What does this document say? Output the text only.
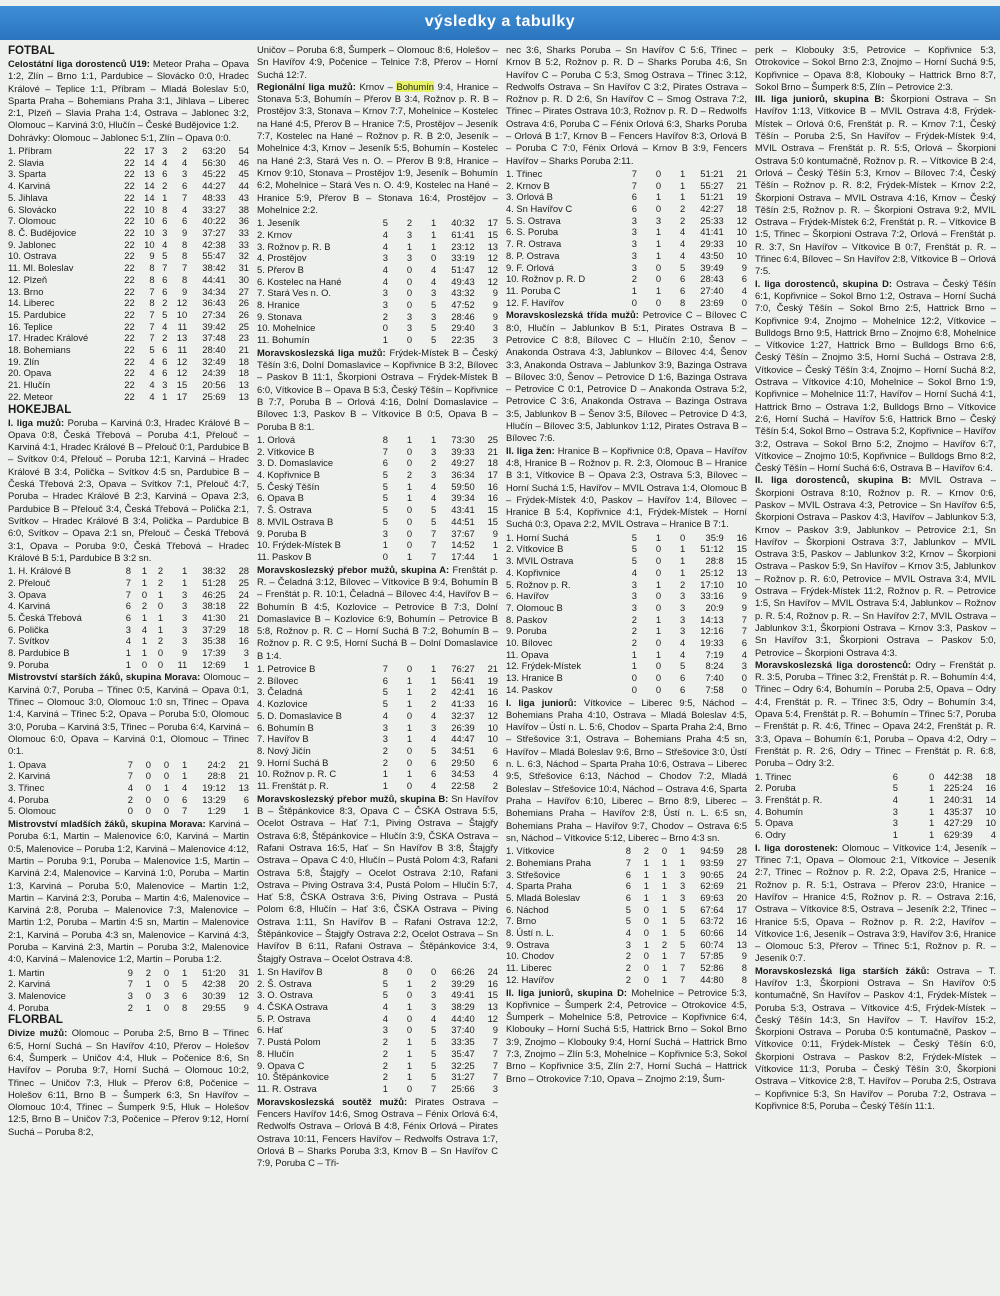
výsledky a tabulky
FOTBAL

Celostátní liga dorostenců U19: Meteor Praha – Opava 1:2, Zlín – Brno 1:1, Pardubice – Slovácko 0:0, Hradec Králové – Teplice 1:1, Příbram – Mladá Boleslav 5:0, Sparta Praha – Bohemians Praha 3:1, Jihlava – Liberec 2:1, Plzeň – Slavia Praha 1:4, Ostrava – Jablonec 3:2, Olomouc – Karviná 3:0, Hlučín – České Budějovice 1:2.

Dohrávky: Olomouc – Jablonec 5:1, Zlín – Opava 0:0.

1. Příbram	22	17	3	2	63:20	54
2. Slavia	22	14	4	4	56:30	46
3. Sparta	22	13	6	3	45:22	45
4. Karviná	22	14	2	6	44:27	44
5. Jihlava	22	14	1	7	48:33	43
6. Slovácko	22	10	8	4	33:27	38
7. Olomouc	22	10	6	6	40:22	36
8. Č. Budějovice	22	10	3	9	37:27	33
9. Jablonec	22	10	4	8	42:38	33
10. Ostrava	22	9	5	8	55:47	32
11. Ml. Boleslav	22	8	7	7	38:42	31
12. Plzeň	22	8	6	8	44:41	30
13. Brno	22	7	6	9	34:34	27
14. Liberec	22	8	2	12	36:43	26
15. Pardubice	22	7	5	10	27:34	26
16. Teplice	22	7	4	11	39:42	25
17. Hradec Králové	22	7	2	13	37:48	23
18. Bohemians	22	5	6	11	28:40	21
19. Zlín	22	4	6	12	32:49	18
20. Opava	22	4	6	12	24:39	18
21. Hlučín	22	4	3	15	20:56	13
22. Meteor	22	4	1	17	25:69	13
HOKEJBAL

I. liga mužů: Poruba – Karviná 0:3, Hradec Králové B – Opava 0:8, Česká Třebová – Poruba 4:1, Přelouč – Karviná 4:1, Hradec Králové B – Přelouč 0:1, Pardubice B – Svítkov 0:4, Přelouč – Poruba 12:1, Karviná – Hradec Králové B 3:4, Polička – Svítkov 4:5 sn, Pardubice B – Česká Třebová 2:3, Opava – Svítkov 7:1, Přelouč 4:7, Poruba – Hradec Králové B 2:3, Karviná – Opava 2:3, Pardubice B – Přelouč 3:4, Česká Třebová – Polička 2:1, Svítkov – Hradec Králové B 3:4, Polička – Pardubice B 6:0, Svítkov – Opava 2:1 sn, Přelouč – Česká Třebová 3:1, Opava – Poruba 9:0, Česká Třebová – Hradec Králové B 5:1, Pardubice B 3:2 sn.

1. H. Králové B	8	1	2	1	38:32	28
2. Přelouč	7	1	2	1	51:28	25
3. Opava	7	0	1	3	46:25	24
4. Karviná	6	2	0	3	38:18	22
5. Česká Třebová	6	1	1	3	41:30	21
6. Polička	3	4	1	3	37:29	18
7. Svítkov	4	1	2	3	35:38	16
8. Pardubice B	1	1	0	9	17:39	3
9. Poruba	1	0	0	11	12:69	1

Mistrovství starších žáků, skupina Morava: Olomouc – Karviná 0:7, Poruba – Třinec 0:5, Karviná – Opava 0:1, Třinec – Olomouc 3:0, Olomouc 1:0 sn, Třinec – Opava 1:4, Karviná – Třinec 5:2, Opava – Poruba 5:0, Olomouc 3:0, Poruba – Karviná 3:5, Třinec – Poruba 6:4, Karviná – Olomouc 6:0, Opava – Karviná 0:1, Olomouc – Třinec 0:1.

1. Opava	7	0	0	1	24:2	21
2. Karviná	7	0	0	1	28:8	21
3. Třinec	4	0	1	4	19:12	13
4. Poruba	2	0	0	6	13:29	6
5. Olomouc	0	0	0	7	1:29	1

Mistrovství mladších žáků, skupina Morava: Karviná – Poruba 6:1, Martin – Malenovice 6:0, Karviná – Martin 0:5, Malenovice – Poruba 1:2, Karviná – Malenovice 4:12, Martin – Poruba 9:1, Poruba – Malenovice 1:5, Martin – Karviná 2:4, Malenovice – Karviná 1:0, Poruba – Martin 1:3, Karviná – Poruba 5:0, Malenovice – Martin 1:2, Martin – Karviná 2:3, Poruba – Martin 4:6, Malenovice – Karviná 2:8, Poruba – Malenovice 7:3, Malenovice – Martin 1:2, Poruba – Martin 4:5 sn, Martin – Malenovice 2:1, Karviná – Poruba 4:3 sn, Malenovice – Karviná 4:3, Poruba – Karviná 2:3, Martin – Poruba 3:2, Malenovice 4:0, Karviná – Malenovice 1:2, Martin – Poruba 1:2.

1. Martin	9	2	0	1	51:20	31
2. Karviná	7	1	0	5	42:38	20
3. Malenovice	3	0	3	6	30:39	12
4. Poruba	2	1	0	8	29:55	9
FLORBAL

Divize mužů: Olomouc – Poruba 2:5, Brno B – Třinec 6:5, Horní Suchá – Sn Havířov 4:10, Přerov – Holešov 6:4, Šumperk – Uničov 4:4, Hluk – Počenice 8:6, Sn Havířov – Poruba 9:7, Horní Suchá – Olomouc 10:2, Třinec – Uničov 7:3, Hluk – Přerov 6:8, Počenice – Holešov 6:11, Brno B – Šumperk 6:3, Sn Havířov – Olomouc 10:4, Třinec – Šumperk 9:5, Hluk – Holešov 12:5, Brno B – Uničov 7:3, Počenice – Přerov 9:12, Horní Suchá – Poruba 8:2,

Uničov – Poruba 6:8, Šumperk – Olomouc 8:6, Holešov – Sn Havířov 4:9, Počenice – Telnice 7:8, Přerov – Horní Suchá 12:7.

Regionální liga mužů: Krnov – Bohumín 9:4, Hranice – Stonava 5:3, Bohumín – Přerov B 3:4, Rožnov p. R. B – Prostějov 3:3, Stonava – Krnov 7:7, Mohelnice – Kostelec na Hané 4:5, Přerov B – Hranice 7:5, Prostějov – Jeseník 7:7, Kostelec na Hané – Rožnov p. R. B 2:0, Jeseník – Mohelnice 4:3, Krnov – Jeseník 5:5, Bohumín – Kostelec na Hané 2:3, Stará Ves n. O. – Přerov B 9:8, Hranice – Krnov 9:10, Stonava – Prostějov 1:9, Jeseník – Bohumín 6:2, Mohelnice – Stará Ves n. O. 4:9, Kostelec na Hané – Hranice 5:9, Přerov B – Stonava 16:4, Prostějov – Mohelnice 2:2.

1. Jeseník	5	2	1	40:32	17
2. Krnov	4	3	1	61:41	15
3. Rožnov p. R. B	4	1	1	23:12	13
4. Prostějov	3	3	0	33:19	12
5. Přerov B	4	0	4	51:47	12
6. Kostelec na Hané	4	0	4	49:43	12
7. Stará Ves n. O.	3	0	3	43:32	9
8. Hranice	3	0	5	47:52	9
9. Stonava	2	3	3	28:46	9
10. Mohelnice	0	3	5	29:40	3
11. Bohumín	1	0	5	22:35	3

Moravskoslezská liga mužů: Frýdek-Místek B – Český Těšín 3:6, Dolní Domaslavice – Kopřivnice B 3:2, Bílovec – Paskov B 11:1, Škorpioni Ostrava – Frýdek-Místek B 6:0, Vítkovice B – Opava B 5:3, Český Těšín – Kopřivnice B 7:7, Poruba B – Orlová 4:16, Dolní Domaslavice – Bílovec 1:3, Paskov B – Vítkovice B 0:5, Opava B – Poruba B 8:1.

1. Orlová	8	1	1	73:30	25
2. Vítkovice B	7	0	3	39:33	21
3. D. Domaslavice	6	0	2	49:27	18
4. Kopřivnice B	5	2	3	36:34	17
5. Český Těšín	5	1	4	59:50	16
6. Opava B	5	1	4	39:34	16
7. Š. Ostrava	5	0	5	43:41	15
8. MVIL Ostrava B	5	0	5	44:51	15
9. Poruba B	3	0	7	37:67	9
10. Frýdek-Místek B	1	0	7	14:52	1
11. Paskov B	0	1	7	17:44	1

Moravskoslezský přebor mužů, skupina A: Frenštát p. R. – Čeladná 3:12, Bílovec – Vítkovice B 9:4, Bohumín B – Frenštát p. R. 10:1, Čeladná – Bílovec 4:4, Havířov B – Bohumín B 4:5, Kozlovice – Petrovice B 7:3, Dolní Domaslavice B – Kozlovice 6:9, Bohumín – Petrovice B 5:8, Rožnov p. R. C – Horní Suchá B 7:2, Bohumín B – Rožnov p. R. C 9:5, Horní Suchá B – Dolní Domaslavice B 1:4.

1. Petrovice B	7	0	1	76:27	21
2. Bílovec	6	1	1	56:41	19
3. Čeladná	5	1	2	42:41	16
4. Kozlovice	5	1	2	41:33	16
5. D. Domaslavice B	4	0	4	32:37	12
6. Bohumín B	3	1	3	26:39	10
7. Havířov B	3	1	4	44:47	10
8. Nový Jičín	2	0	5	34:51	6
9. Horní Suchá B	2	0	6	29:50	6
10. Rožnov p. R. C	1	1	6	34:53	4
11. Frenštát p. R.	1	0	4	22:58	2

Moravskoslezský přebor mužů, skupina B: Sn Havířov B – Štěpánkovice 8:3, Opava C – ČSKA Ostrava 5:5, Ocelot Ostrava – Hať 7:1, Piving Ostrava – Štajgřy Ostrava 6:8, Štěpánkovice – Hlučín 3:9, ČSKA Ostrava – Rafani Ostrava 16:5, Hať – Sn Havířov B 3:8, Štajgřy Ostrava – Opava C 4:0, Hlučín – Pustá Polom 4:3, Rafani Ostrava 5:8, Štajgřy – Ocelot Ostrava 2:10, Rafani Ostrava – Piving Ostrava 3:4, Pustá Polom – Hlučín 5:7, Hať 5:8, ČSKA Ostrava 3:6, Piving Ostrava – Pustá Polom 6:8, Hlučín – Hať 3:6, ČSKA Ostrava – Piving Ostrava 1:11, Sn Havířov B – Rafani Ostrava 12:2, Štěpánkovice – Štajgřy Ostrava 2:2, Ocelot Ostrava – Sn Havířov B 6:11, Rafani Ostrava – Štěpánkovice 3:4, Štajgřy Ostrava – Ocelot Ostrava 4:8.

1. Sn Havířov B	8	0	0	66:26	24
2. Š. Ostrava	5	1	2	39:29	16
3. O. Ostrava	5	0	3	49:41	15
4. ČSKA Ostrava	4	1	3	38:29	13
5. P. Ostrava	4	0	4	44:40	12
6. Hať	3	0	5	37:40	9
7. Pustá Polom	2	1	5	33:35	7
8. Hlučín	2	1	5	35:47	7
9. Opava C	2	1	5	32:25	7
10. Štěpánkovice	2	1	5	31:27	7
11. R. Ostrava	1	0	7	25:66	3

Moravskoslezská soutěž mužů: Pirates Ostrava – Fencers Havířov 14:6, Smog Ostrava – Fénix Orlová 6:4, Redwolfs Ostrava – Orlová B 4:8, Fénix Orlová – Pirates Ostrava 10:11, Fencers Havířov – Redwolfs Ostrava 1:7, Orlová B – Sharks Poruba 3:3, Krnov B – Sn Havířov C 7:9, Poruba C – Tři-

nec 3:6, Sharks Poruba – Sn Havířov C 5:6, Třinec – Krnov B 5:2, Rožnov p. R. D – Sharks Poruba 4:6, Sn Havířov C – Poruba C 5:3, Smog Ostrava – Třinec 3:12, Redwolfs Ostrava – Sn Havířov C 3:2, Pirates Ostrava – Rožnov p. R. D 2:6, Sn Havířov C – Smog Ostrava 7:2, Třinec – Pirates Ostrava 10:3, Rožnov p. R. D – Redwolfs Ostrava 4:6, Poruba C – Fénix Orlová 6:3, Sharks Poruba – Orlová B 1:7, Krnov B – Fencers Havířov 8:3, Orlová B – Poruba C 7:0, Fénix Orlová – Krnov B 3:9, Fencers Havířov – Sharks Poruba 2:11.

1. Třinec	7	0	1	51:21	21
2. Krnov B	7	0	1	55:27	21
3. Orlová B	6	1	1	51:21	19
4. Sn Havířov C	6	0	2	42:27	18
5. S. Ostrava	3	3	2	25:33	12
6. S. Poruba	3	1	4	41:41	10
7. R. Ostrava	3	1	4	29:33	10
8. P. Ostrava	3	1	4	43:50	10
9. F. Orlová	3	0	5	39:49	9
10. Rožnov p. R. D	2	0	6	28:43	6
11. Poruba C	1	1	6	27:40	4
12. F. Havířov	0	0	8	23:69	0

Moravskoslezská třída mužů: Petrovice C – Bílovec C 8:0, Hlučín – Jablunkov B 5:1, Pirates Ostrava B – Petrovice C 8:8, Bílovec C – Hlučín 2:10, Šenov – Anakonda Ostrava 4:3, Jablunkov – Bílovec 4:4, Šenov 3:3, Anakonda Ostrava – Jablunkov 3:9, Bazinga Ostrava – Bílovec 3:0, Šenov – Petrovice D 1:6, Bazinga Ostrava – Petrovice C 0:1, Petrovice D – Anakonda Ostrava 5:2, Petrovice C 3:6, Anakonda Ostrava – Bazinga Ostrava 3:5, Jablunkov B – Šenov 3:5, Bílovec – Petrovice D 4:3, Hlučín – Bílovec 3:5, Jablunkov 1:12, Pirates Ostrava B – Bílovec 7:6.

II. liga žen: Hranice B – Kopřivnice 0:8, Opava – Havířov 4:8, Hranice B – Rožnov p. R. 2:3, Olomouc B – Hranice B 3:1, Vítkovice B – Opava 2:3, Ostrava 5:3, Bílovec – Horní Suchá 1:5, Havířov – MVIL Ostrava 1:4, Olomouc B – Frýdek-Místek 4:0, Paskov – Havířov 1:4, Bílovec – Hranice B 5:4, Kopřivnice 4:1, Frýdek-Místek – Horní Suchá 0:3, Opava 2:2, MVIL Ostrava – Hranice B 7:1.

1. Horní Suchá	5	1	0	35:9	16
2. Vítkovice B	5	0	1	51:12	15
3. MVIL Ostrava	5	0	1	28:8	15
4. Kopřivnice	4	0	1	25:12	13
5. Rožnov p. R.	3	1	2	17:10	10
6. Havířov	3	0	3	33:16	9
7. Olomouc B	3	0	3	20:9	9
8. Paskov	2	1	3	14:13	7
9. Poruba	2	1	3	12:16	7
10. Bílovec	2	0	4	19:33	6
11. Opava	1	1	4	7:19	4
12. Frýdek-Místek	1	0	5	8:24	3
13. Hranice B	0	0	6	7:40	0
14. Paskov	0	0	6	7:58	0

I. liga juniorů: Vítkovice – Liberec 9:5, Náchod – Bohemians Praha 4:10, Ostrava – Mladá Boleslav 4:5, Havířov – Ústí n. L. 5:6, Chodov – Sparta Praha 2:4, Brno – Střešovice 3:1, Ostrava – Bohemians Praha 4:5 sn, Havířov – Mladá Boleslav 9:6, Brno – Střešovice 3:0, Ústí n. L. 6:3, Náchod – Sparta Praha 10:6, Ostrava – Liberec 9:5, Střešovice 6:13, Náchod – Chodov 7:2, Mladá Boleslav – Střešovice 10:4, Náchod – Ostrava 4:6, Sparta Praha – Havířov 6:10, Liberec – Brno 8:9, Liberec – Bohemians Praha – Havířov 2:8, Ústí n. L. 6:5 sn, Bohemians Praha – Havířov 9:7, Chodov – Ostrava 6:5 sn, Náchod – Vítkovice 5:12, Liberec – Brno 4:3 sn.

1. Vítkovice	8	2	0	1	94:59	28
2. Bohemians Praha	7	1	1	1	93:59	27
3. Střešovice	6	1	1	3	90:65	24
4. Sparta Praha	6	1	1	3	62:69	21
5. Mladá Boleslav	6	1	1	3	69:63	20
6. Náchod	5	0	1	5	67:64	17
7. Brno	5	0	1	5	63:72	16
8. Ústí n. L.	4	0	1	5	60:66	14
9. Ostrava	3	1	2	5	60:74	13
10. Chodov	2	0	1	7	57:85	9
11. Liberec	2	0	1	7	52:86	8
12. Havířov	2	0	1	7	44:80	8

II. liga juniorů, skupina D: Mohelnice – Petrovice 5:3, Kopřivnice – Šumperk 2:4, Petrovice – Otrokovice 4:5, Šumperk – Mohelnice 5:8, Petrovice – Kopřivnice 6:4, Klobouky – Horní Suchá 5:5, Hattrick Brno – Sokol Brno 3:9, Znojmo – Klobouky 9:4, Horní Suchá – Hattrick Brno 7:3, Znojmo – Zlín 5:3, Mohelnice – Kopřivnice 5:3, Sokol Brno – Kopřivnice 3:5, Zlín 2:7, Horní Suchá – Hattrick Brno – Otrokovice 7:10, Opava – Znojmo 2:19, Šum-

perk – Klobouky 3:5, Petrovice – Kopřivnice 5:3, Otrokovice – Sokol Brno 2:3, Znojmo – Horní Suchá 9:5, Kopřivnice – Opava 8:8, Klobouky – Hattrick Brno 8:7, Sokol Brno – Šumperk 8:5, Zlín – Petrovice 2:3.

III. liga juniorů, skupina B: Škorpioni Ostrava – Sn Havířov 1:13, Vítkovice B – MVIL Ostrava 4:8, Frýdek-Místek – Orlová 0:6, Frenštát p. R. – Krnov 7:1, Český Těšín – Poruba 2:5, Sn Havířov – Frýdek-Místek 9:4, MVIL Ostrava – Frenštát p. R. 5:5, Orlová – Škorpioni Ostrava 5:0 kontumačně, Rožnov p. R. – Vítkovice B 2:4, Orlová – Český Těšín 5:3, Krnov – Bílovec 7:4, Český Těšín – Rožnov p. R. 8:2, Frýdek-Místek – Krnov 2:2, Škorpioni Ostrava – MVIL Ostrava 4:16, Krnov – Český Těšín 2:5, Rožnov p. R. – Škorpioni Ostrava 9:2, MVIL Ostrava – Frýdek-Místek 6:2, Frenštát p. R. – Vítkovice B 1:5, Třinec – Škorpioni Ostrava 7:2, Orlová – Frenštát p. R. 3:7, Sn Havířov – Vítkovice B 0:7, Frenštát p. R. – Třinec 6:4, Bílovec – Sn Havířov 2:8, Vítkovice B – Orlová 7:5.

I. liga dorostenců, skupina D: Ostrava – Český Těšín 6:1, Kopřivnice – Sokol Brno 1:2, Ostrava – Horní Suchá 7:0, Český Těšín – Sokol Brno 2:5, Hattrick Brno – Kopřivnice 9:4, Znojmo – Mohelnice 12:2, Vítkovice – Bulldogs Brno 9:5, Hattrick Brno – Znojmo 6:8, Mohelnice – Vítkovice 1:27, Hattrick Brno – Bulldogs Brno 6:6, Český Těšín – Znojmo 3:5, Horní Suchá – Ostrava 2:8, Vítkovice – Český Těšín 3:4, Znojmo – Horní Suchá 8:2, Ostrava – Vítkovice 4:10, Mohelnice – Sokol Brno 1:9, Kopřivnice – Mohelnice 11:7, Havířov – Horní Suchá 4:1, Hattrick Brno – Ostrava 1:2, Bulldogs Brno – Vítkovice 2:6, Horní Suchá – Havířov 5:6, Hattrick Brno – Český Těšín 5:4, Sokol Brno – Ostrava 5:2, Kopřivnice – Havířov 3:2, Ostrava – Sokol Brno 5:2, Znojmo – Havířov 6:7, Vítkovice – Znojmo 10:5, Kopřivnice – Bulldogs Brno 8:2, Český Těšín – Horní Suchá 6:6, Ostrava B – Havířov 6:4.

II. liga dorostenců, skupina B: MVIL Ostrava – Škorpioni Ostrava 8:10, Rožnov p. R. – Krnov 0:6, Paskov – MVIL Ostrava 4:3, Petrovice – Sn Havířov 6:5, Škorpioni Ostrava – Paskov 4:3, Havířov – Jablunkov 5:3, Krnov – Paskov 3:9, Jablunkov – Petrovice 2:1, Sn Havířov – Škorpioni Ostrava 3:7, Jablunkov – MVIL Ostrava 3:5, Paskov – Jablunkov 3:2, Krnov – Škorpioni Ostrava – Paskov 5:9, Sn Havířov – Krnov 3:5, Jablunkov – Rožnov p. R. 6:0, Petrovice – MVIL Ostrava 3:4, MVIL Ostrava – Frýdek-Místek 11:2, Rožnov p. R. – Petrovice 1:5, Sn Havířov – MVIL Ostrava 5:4, Jablunkov – Rožnov p. R. 5:4, Rožnov p. R. – Sn Havířov 2:7, MVIL Ostrava – Jablunkov 3:1, Škorpioni Ostrava – Krnov 3:3, Paskov – Sn Havířov 3:1, Škorpioni Ostrava – Paskov 5:0, Petrovice – Škorpioni Ostrava 4:3.

Moravskoslezská liga dorostenců: Odry – Frenštát p. R. 3:5, Poruba – Třinec 3:2, Frenštát p. R. – Bohumín 4:4, Třinec – Odry 6:4, Bohumín – Poruba 2:5, Opava – Odry 4:4, Frenštát p. R. – Třinec 3:5, Odry – Bohumín 3:4, Opava 5:4, Frenštát p. R. – Bohumín – Třinec 5:7, Poruba – Frenštát p. R. 4:6, Třinec – Opava 24:2, Frenštát p. R. 3:3, Opava – Bohumín 6:1, Poruba – Opava 4:2, Odry – Frenštát p. R. 2:6, Odry – Třinec – Frenštát p. R. 6:8, Poruba – Odry 3:2.

1. Třinec	6	0	442:38	18
2. Poruba	5	1	225:24	16
3. Frenštát p. R.	4	1	240:31	14
4. Bohumín	3	1	435:37	10
5. Opava	3	1	427:29	10
6. Odry	1	1	629:39	4

I. liga dorostenek: Olomouc – Vítkovice 1:4, Jeseník – Třinec 7:1, Opava – Olomouc 2:1, Vítkovice – Jeseník 2:7, Třinec – Rožnov p. R. 2:2, Opava 2:5, Hranice – Rožnov p. R. 5:1, Ostrava – Přerov 23:0, Hranice – Havířov – Hranice 4:5, Rožnov p. R. – Ostrava 2:16, Ostrava – Vítkovice 8:5, Ostrava – Jeseník 2:2, Třinec – Hranice 5:5, Opava – Rožnov p. R. 2:2, Havířov – Vítkovice 1:6, Jeseník – Ostrava 3:9, Havířov 3:6, Hranice – Olomouc 5:3, Přerov – Třinec 5:1, Rožnov p. R. – Jeseník 0:7.

Moravskoslezská liga starších žáků: Ostrava – T. Havířov 1:3, Škorpioni Ostrava – Sn Havířov 0:5 kontumačně, Sn Havířov – Paskov 4:1, Frýdek-Místek – Poruba 5:3, Ostrava – Vítkovice 4:5, Frýdek-Místek – Český Těšín 14:3, Sn Havířov – T. Havířov 15:2, Škorpioni Ostrava – Poruba 0:5 kontumačně, Paskov – Vítkovice 0:11, Frýdek-Místek – Český Těšín 6:0, Škorpioni Ostrava – Paskov 8:2, Frýdek-Místek – Vítkovice 11:3, Poruba – Český Těšín 3:0, Škorpioni Ostrava – Vítkovice 2:8, T. Havířov – Poruba 2:5, Ostrava – Kopřivnice 5:3, Sn Havířov – Poruba 7:2, Ostrava – Kopřivnice 8:5, Poruba – Český Těšín 11:1.
